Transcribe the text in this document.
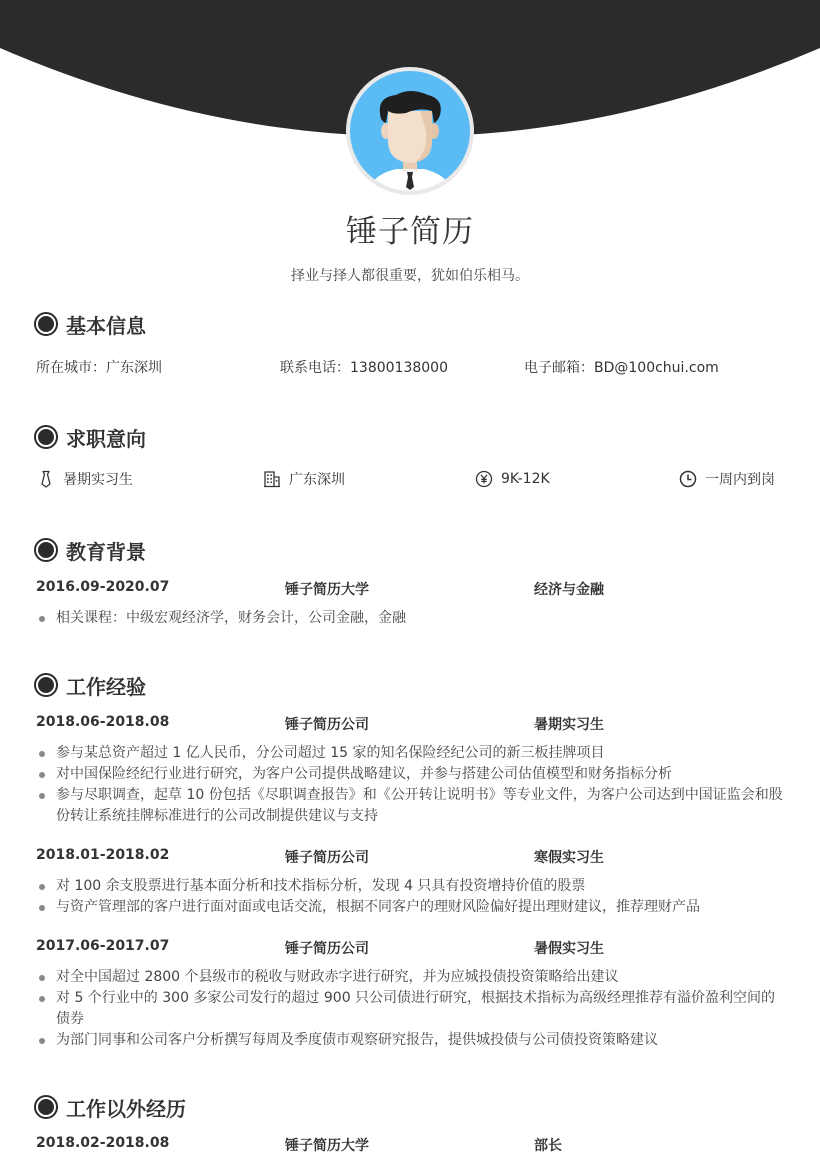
锤子简历
择业与择人都很重要，犹如伯乐相马。
基本信息
所在城市：广东深圳	联系电话：13800138000	电子邮箱：BD@100chui.com
求职意向
暑期实习生	广东深圳	9K-12K	一周内到岗
教育背景
2016.09-2020.07	锤子简历大学	经济与金融
相关课程：中级宏观经济学，财务会计，公司金融，金融
工作经验
2018.06-2018.08	锤子简历公司	暑期实习生
参与某总资产超过 1 亿人民币，分公司超过 15 家的知名保险经纪公司的新三板挂牌项目
对中国保险经纪行业进行研究，为客户公司提供战略建议，并参与搭建公司估值模型和财务指标分析
参与尽职调查，起草 10 份包括《尽职调查报告》和《公开转让说明书》等专业文件，为客户公司达到中国证监会和股份转让系统挂牌标准进行的公司改制提供建议与支持
2018.01-2018.02	锤子简历公司	寒假实习生
对 100 余支股票进行基本面分析和技术指标分析，发现 4 只具有投资增持价值的股票
与资产管理部的客户进行面对面或电话交流，根据不同客户的理财风险偏好提出理财建议，推荐理财产品
2017.06-2017.07	锤子简历公司	暑假实习生
对全中国超过 2800 个县级市的税收与财政赤字进行研究，并为应城投债投资策略给出建议
对 5 个行业中的 300 多家公司发行的超过 900 只公司债进行研究，根据技术指标为高级经理推荐有溢价盈利空间的债券
为部门同事和公司客户分析撰写每周及季度债市观察研究报告，提供城投债与公司债投资策略建议
工作以外经历
2018.02-2018.08	锤子简历大学	部长
